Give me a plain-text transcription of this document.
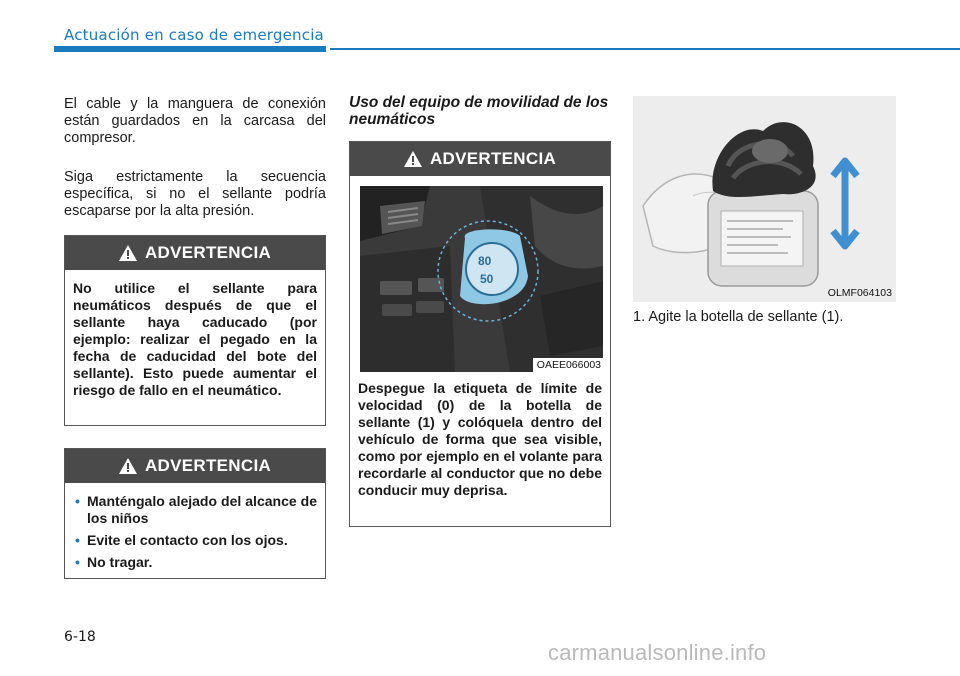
Actuación en caso de emergencia

El cable y la manguera de conexión están guardados en la carcasa del compresor.

Siga estrictamente la secuencia específica, si no el sellante podría escaparse por la alta presión.

ADVERTENCIA

No utilice el sellante para neumáticos después de que el sellante haya caducado (por ejemplo: realizar el pegado en la fecha de caducidad del bote del sellante). Esto puede aumentar el riesgo de fallo en el neumático.

ADVERTENCIA
• Manténgalo alejado del alcance de los niños
• Evite el contacto con los ojos.
• No tragar.
Uso del equipo de movilidad de los neumáticos
ADVERTENCIA
80
50
OAEE066003

Despegue la etiqueta de límite de velocidad (0) de la botella de sellante (1) y colóquela dentro del vehículo de forma que sea visible, como por ejemplo en el volante para recordarle al conductor que no debe conducir muy deprisa.

OLMF064103

1. Agite la botella de sellante (1).

6-18
carmanualsonline.info
